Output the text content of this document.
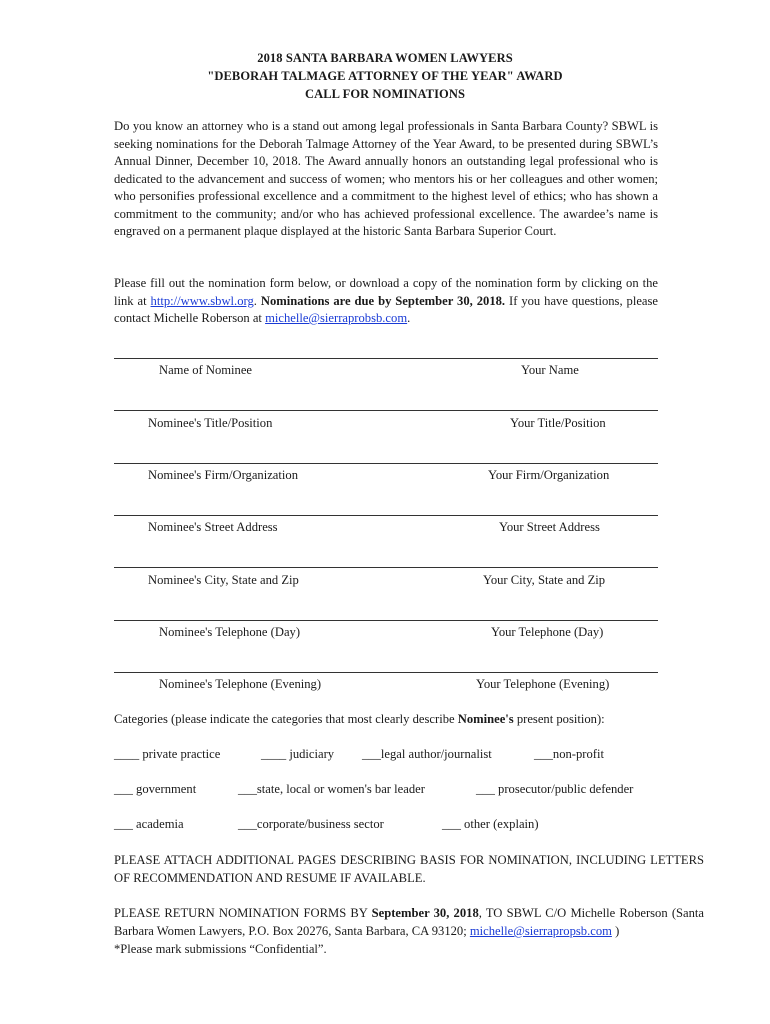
2018 SANTA BARBARA WOMEN LAWYERS
"DEBORAH TALMAGE ATTORNEY OF THE YEAR" AWARD
CALL FOR NOMINATIONS
Do you know an attorney who is a stand out among legal professionals in Santa Barbara County? SBWL is seeking nominations for the Deborah Talmage Attorney of the Year Award, to be presented during SBWL’s Annual Dinner, December 10, 2018. The Award annually honors an outstanding legal professional who is dedicated to the advancement and success of women; who mentors his or her colleagues and other women; who personifies professional excellence and a commitment to the highest level of ethics; who has shown a commitment to the community; and/or who has achieved professional excellence. The awardee’s name is engraved on a permanent plaque displayed at the historic Santa Barbara Superior Court.
Please fill out the nomination form below, or download a copy of the nomination form by clicking on the link at http://www.sbwl.org. Nominations are due by September 30, 2018. If you have questions, please contact Michelle Roberson at michelle@sierraprobsb.com.
Name of Nominee	Your Name
Nominee's Title/Position	Your Title/Position
Nominee's Firm/Organization	Your Firm/Organization
Nominee's Street Address	Your Street Address
Nominee's City, State and Zip	Your City, State and Zip
Nominee's Telephone (Day)	Your Telephone (Day)
Nominee's Telephone (Evening)	Your Telephone (Evening)
Categories (please indicate the categories that most clearly describe Nominee's present position):
____ private practice	____ judiciary ___legal author/journalist	___non-profit
___ government	___state, local or women's bar leader	___ prosecutor/public defender
___ academia	___corporate/business sector	___ other (explain)
PLEASE ATTACH ADDITIONAL PAGES DESCRIBING BASIS FOR NOMINATION, INCLUDING LETTERS OF RECOMMENDATION AND RESUME IF AVAILABLE.
PLEASE RETURN NOMINATION FORMS BY September 30, 2018, TO SBWL C/O Michelle Roberson (Santa Barbara Women Lawyers, P.O. Box 20276, Santa Barbara, CA 93120; michelle@sierrapropsb.com )
*Please mark submissions “Confidential”.
